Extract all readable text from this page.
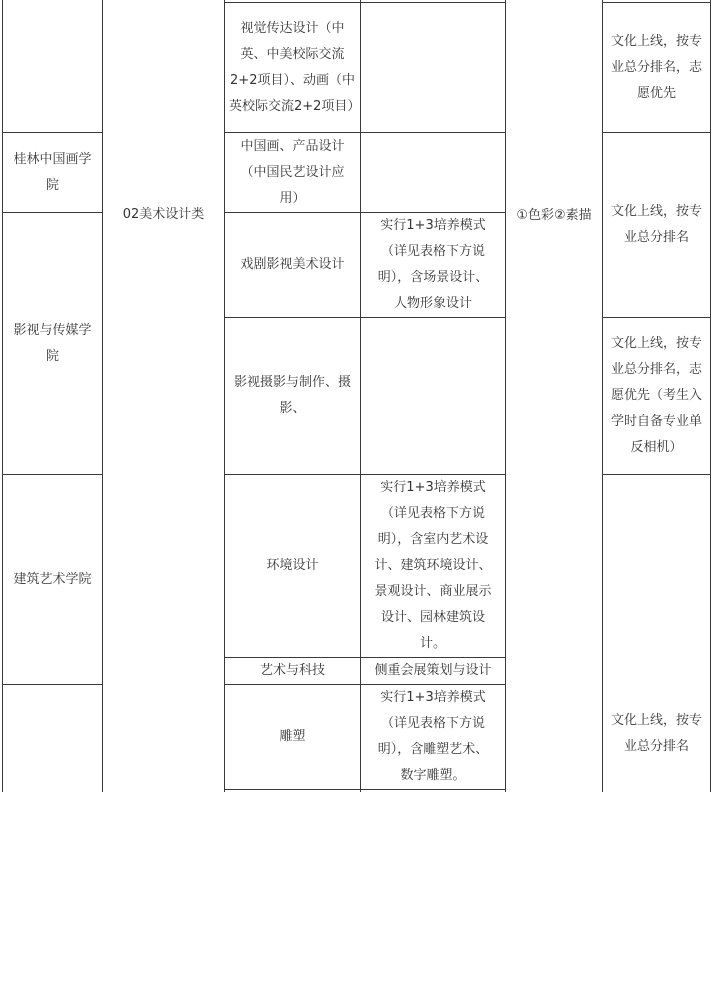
桂林中国画学院
影视与传媒学院
建筑艺术学院
02美术设计类
视觉传达设计（中英、中美校际交流2+2项目）、动画（中英校际交流2+2项目）
中国画、产品设计（中国民艺设计应用）
戏剧影视美术设计
影视摄影与制作、摄影、
环境设计
艺术与科技
雕塑
实行1+3培养模式（详见表格下方说明），含场景设计、人物形象设计
实行1+3培养模式（详见表格下方说明），含室内艺术设计、建筑环境设计、景观设计、商业展示设计、园林建筑设计。
侧重会展策划与设计
实行1+3培养模式（详见表格下方说明），含雕塑艺术、数字雕塑。
①色彩②素描
文化上线，按专业总分排名，志愿优先
文化上线，按专业总分排名
文化上线，按专业总分排名，志愿优先（考生入学时自备专业单反相机）
文化上线，按专业总分排名
